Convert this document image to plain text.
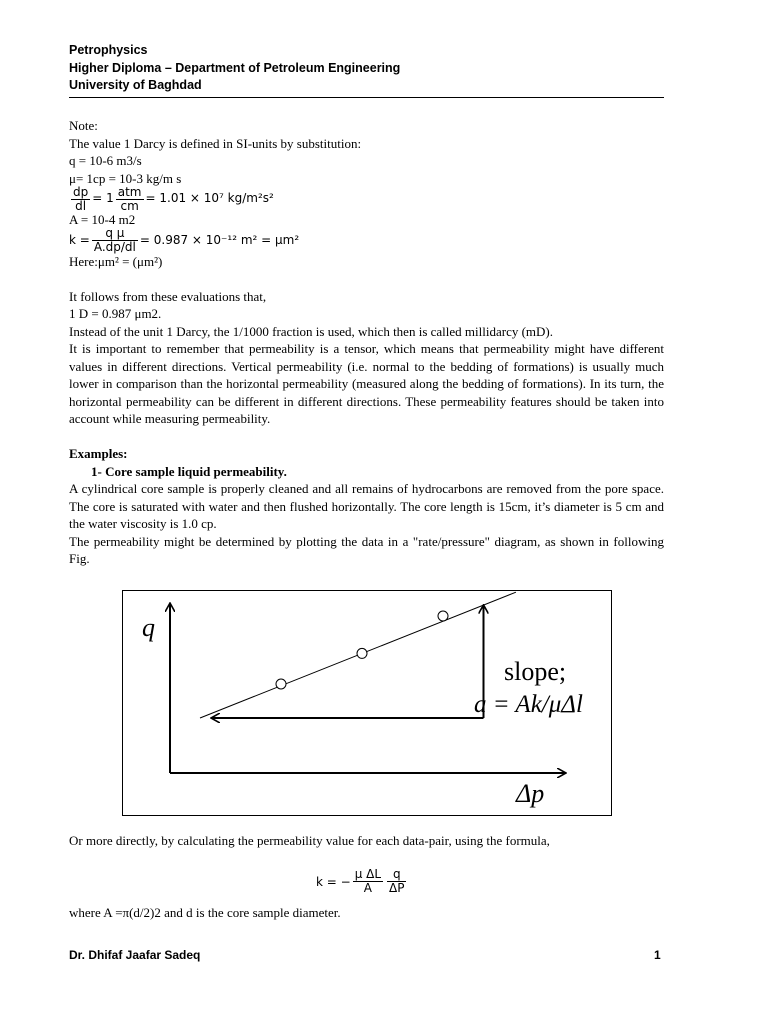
Petrophysics
Higher Diploma – Department of Petroleum Engineering
University of Baghdad

Note:

The value 1 Darcy is defined in SI-units by substitution:

q = 10-6 m3/s

μ= 1cp = 10-3 kg/m s

$\frac{dp}{dl} = 1 \frac{\text{atm}}{cm} = 1.01 \times 10^7$ kg/m²s²

A = 10-4 m2

$k = \frac{\text{q μ}}{A.dp/dl} = 0.987 \times 10^{-12}$ m² = μm²

Here:μm² = (μm²)

It follows from these evaluations that,

1 D = 0.987 μm2.

Instead of the unit 1 Darcy, the 1/1000 fraction is used, which then is called millidarcy (mD).

It is important to remember that permeability is a tensor, which means that permeability might have different values in different directions. Vertical permeability (i.e. normal to the bedding of formations) is usually much lower in comparison than the horizontal permeability (measured along the bedding of formations). In its turn, the horizontal permeability can be different in different directions. These permeability features should be taken into account while measuring permeability.

Examples:

1- Core sample liquid permeability.

A cylindrical core sample is properly cleaned and all remains of hydrocarbons are removed from the pore space. The core is saturated with water and then flushed horizontally. The core length is 15cm, it’s diameter is 5 cm and the water viscosity is 1.0 cp.

The permeability might be determined by plotting the data in a "rate/pressure" diagram, as shown in following Fig.

q
Δp
slope;
a = Ak/μΔl
Or more directly, by calculating the permeability value for each data-pair, using the formula,
k = − $\frac{\text{μ ΔL}}{A} \frac{q}{\Delta P}$
where A =π(d/2)2 and d is the core sample diameter.
Dr. Dhifaf Jaafar Sadeq	1
